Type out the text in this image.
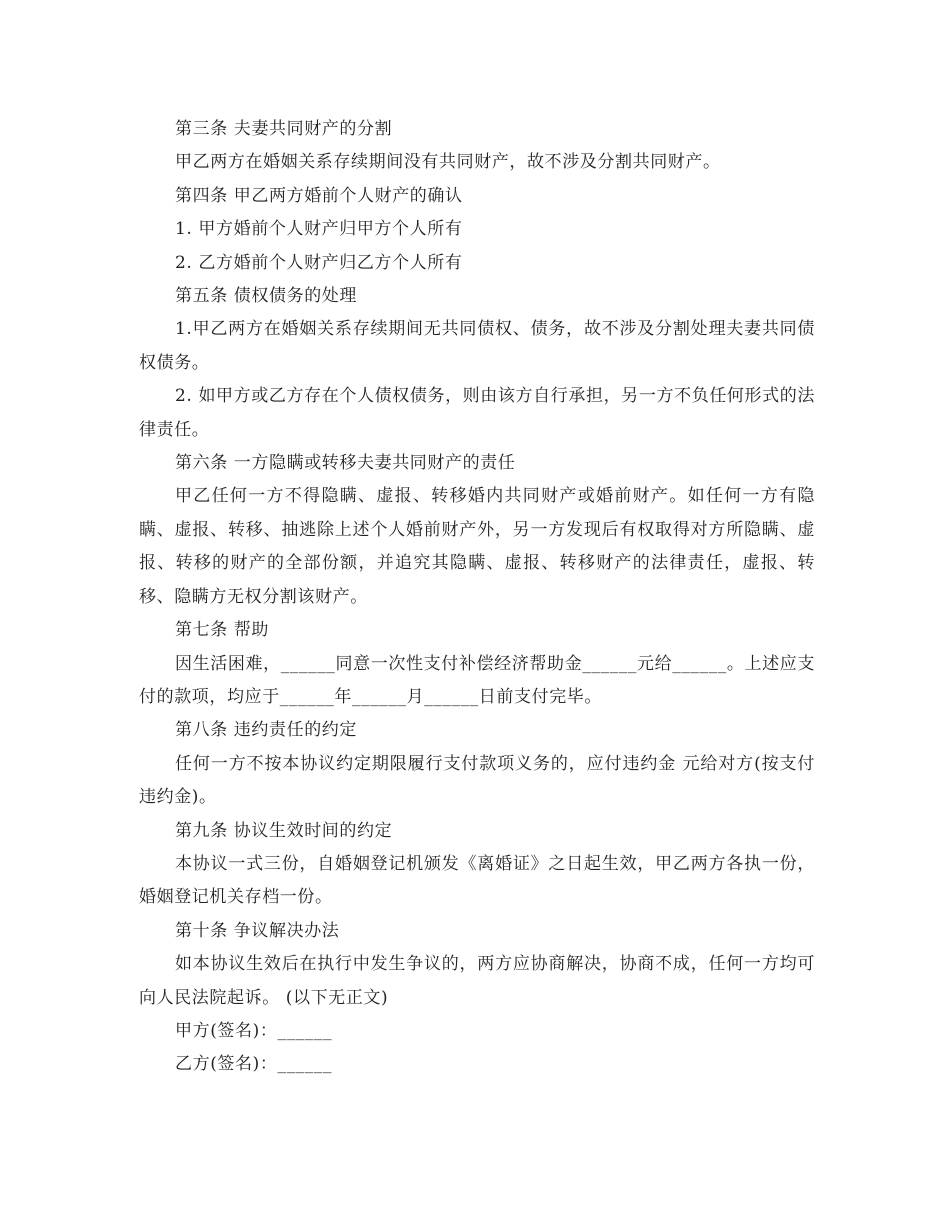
第三条 夫妻共同财产的分割

甲乙两方在婚姻关系存续期间没有共同财产，故不涉及分割共同财产。

第四条 甲乙两方婚前个人财产的确认

1. 甲方婚前个人财产归甲方个人所有

2. 乙方婚前个人财产归乙方个人所有

第五条 债权债务的处理

1.甲乙两方在婚姻关系存续期间无共同债权、债务，故不涉及分割处理夫妻共同债权债务。

2. 如甲方或乙方存在个人债权债务，则由该方自行承担，另一方不负任何形式的法律责任。

第六条 一方隐瞒或转移夫妻共同财产的责任

甲乙任何一方不得隐瞒、虚报、转移婚内共同财产或婚前财产。如任何一方有隐瞒、虚报、转移、抽逃除上述个人婚前财产外，另一方发现后有权取得对方所隐瞒、虚报、转移的财产的全部份额，并追究其隐瞒、虚报、转移财产的法律责任，虚报、转移、隐瞒方无权分割该财产。

第七条 帮助

因生活困难，______同意一次性支付补偿经济帮助金______元给______。上述应支付的款项，均应于______年______月______日前支付完毕。

第八条 违约责任的约定

任何一方不按本协议约定期限履行支付款项义务的，应付违约金 元给对方(按支付违约金)。

第九条 协议生效时间的约定

本协议一式三份，自婚姻登记机颁发《离婚证》之日起生效，甲乙两方各执一份，婚姻登记机关存档一份。

第十条 争议解决办法

如本协议生效后在执行中发生争议的，两方应协商解决，协商不成，任何一方均可向人民法院起诉。 (以下无正文)

甲方(签名)：______

乙方(签名)：______
